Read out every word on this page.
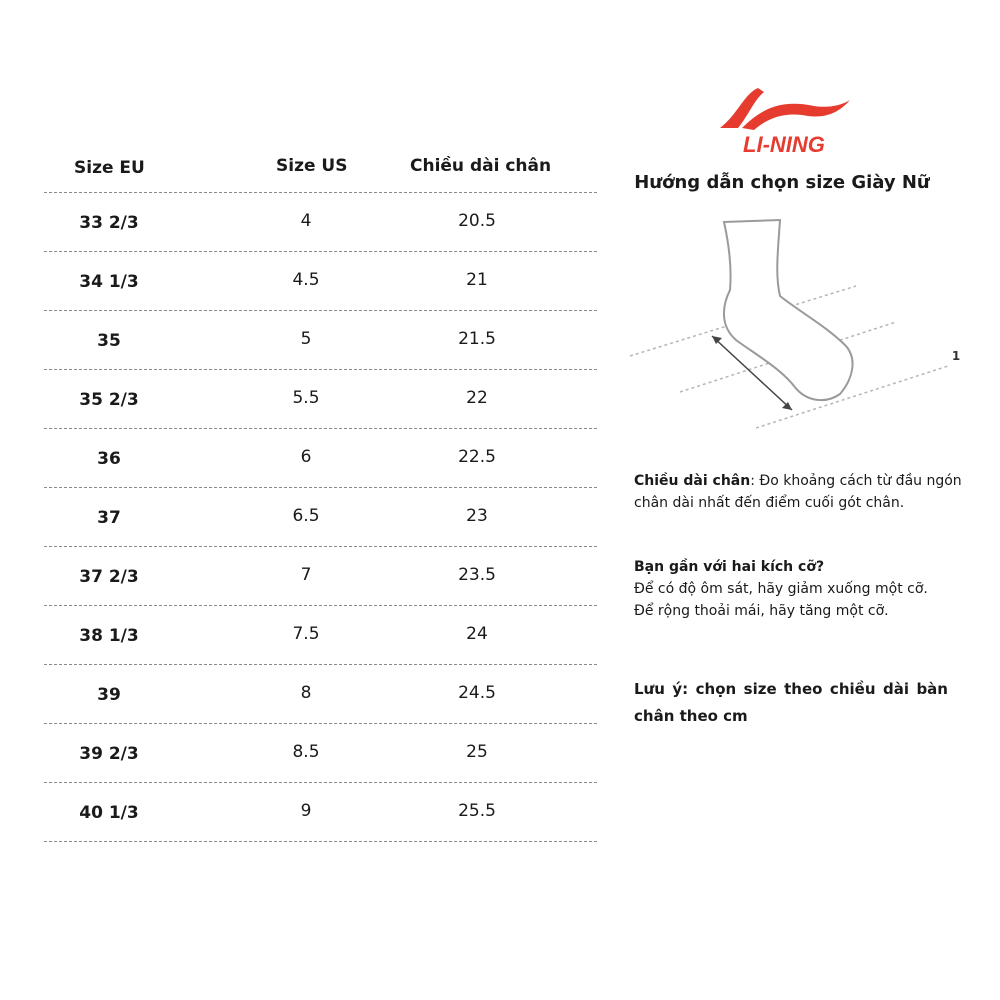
Size EU	Size US	Chiều dài chân
33 2/3	4	20.5
34 1/3	4.5	21
35	5	21.5
35 2/3	5.5	22
36	6	22.5
37	6.5	23
37 2/3	7	23.5
38 1/3	7.5	24
39	8	24.5
39 2/3	8.5	25
40 1/3	9	25.5
LI-NING
Hướng dẫn chọn size Giày Nữ
1
Chiều dài chân: Đo khoảng cách từ đầu ngón chân dài nhất đến điểm cuối gót chân.
Bạn gần với hai kích cỡ?
Để có độ ôm sát, hãy giảm xuống một cỡ.
Để rộng thoải mái, hãy tăng một cỡ.
Lưu ý: chọn size theo chiều dài bàn chân theo cm
